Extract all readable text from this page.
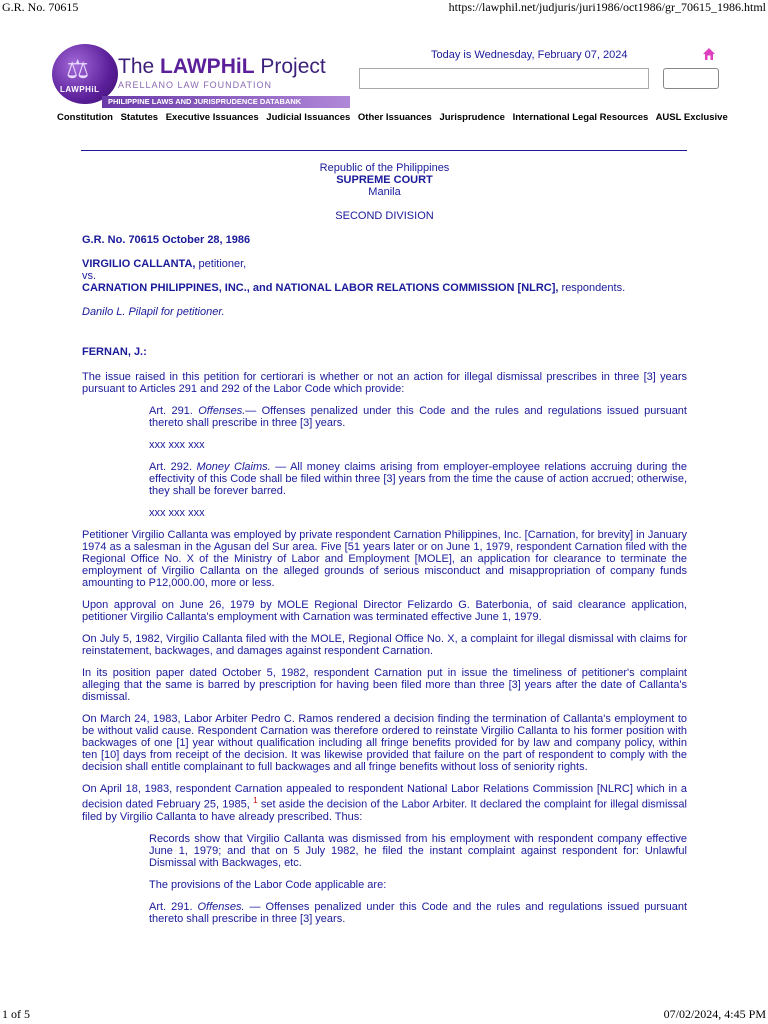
G.R. No. 70615	https://lawphil.net/judjuris/juri1986/oct1986/gr_70615_1986.html
⚖
LAWPHiL
The LAWPHiL Project
ARELLANO LAW FOUNDATION
PHILIPPINE LAWS AND JURISPRUDENCE DATABANK
Today is Wednesday, February 07, 2024
Constitution Statutes Executive Issuances Judicial Issuances Other Issuances Jurisprudence International Legal Resources AUSL Exclusive
Republic of the Philippines
SUPREME COURT
Manila
SECOND DIVISION
G.R. No. 70615 October 28, 1986
VIRGILIO CALLANTA, petitioner,
vs.
CARNATION PHILIPPINES, INC., and NATIONAL LABOR RELATIONS COMMISSION [NLRC], respondents.
Danilo L. Pilapil for petitioner.
FERNAN, J.:

The issue raised in this petition for certiorari is whether or not an action for illegal dismissal prescribes in three [3] years pursuant to Articles 291 and 292 of the Labor Code which provide:

Art. 291. Offenses.— Offenses penalized under this Code and the rules and regulations issued pursuant thereto shall prescribe in three [3] years.

xxx xxx xxx

Art. 292. Money Claims. — All money claims arising from employer-employee relations accruing during the effectivity of this Code shall be filed within three [3] years from the time the cause of action accrued; otherwise, they shall be forever barred.

xxx xxx xxx

Petitioner Virgilio Callanta was employed by private respondent Carnation Philippines, Inc. [Carnation, for brevity] in January 1974 as a salesman in the Agusan del Sur area. Five [51 years later or on June 1, 1979, respondent Carnation filed with the Regional Office No. X of the Ministry of Labor and Employment [MOLE], an application for clearance to terminate the employment of Virgilio Callanta on the alleged grounds of serious misconduct and misappropriation of company funds amounting to P12,000.00, more or less.

Upon approval on June 26, 1979 by MOLE Regional Director Felizardo G. Baterbonia, of said clearance application, petitioner Virgilio Callanta's employment with Carnation was terminated effective June 1, 1979.

On July 5, 1982, Virgilio Callanta filed with the MOLE, Regional Office No. X, a complaint for illegal dismissal with claims for reinstatement, backwages, and damages against respondent Carnation.

In its position paper dated October 5, 1982, respondent Carnation put in issue the timeliness of petitioner's complaint alleging that the same is barred by prescription for having been filed more than three [3] years after the date of Callanta's dismissal.

On March 24, 1983, Labor Arbiter Pedro C. Ramos rendered a decision finding the termination of Callanta's employment to be without valid cause. Respondent Carnation was therefore ordered to reinstate Virgilio Callanta to his former position with backwages of one [1] year without qualification including all fringe benefits provided for by law and company policy, within ten [10] days from receipt of the decision. It was likewise provided that failure on the part of respondent to comply with the decision shall entitle complainant to full backwages and all fringe benefits without loss of seniority rights.

On April 18, 1983, respondent Carnation appealed to respondent National Labor Relations Commission [NLRC] which in a decision dated February 25, 1985, $^1$ set aside the decision of the Labor Arbiter. It declared the complaint for illegal dismissal filed by Virgilio Callanta to have already prescribed. Thus:

Records show that Virgilio Callanta was dismissed from his employment with respondent company effective June 1, 1979; and that on 5 July 1982, he filed the instant complaint against respondent for: Unlawful Dismissal with Backwages, etc.

The provisions of the Labor Code applicable are:

Art. 291. Offenses. — Offenses penalized under this Code and the rules and regulations issued pursuant thereto shall prescribe in three [3] years.

1 of 5	07/02/2024, 4:45 PM
